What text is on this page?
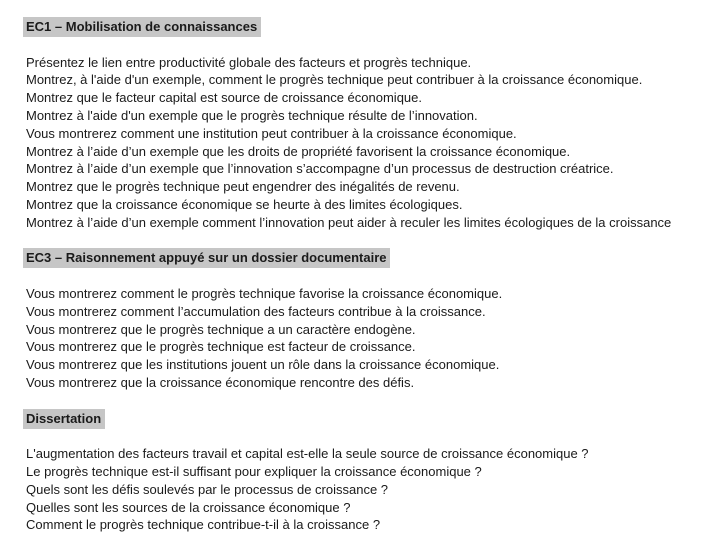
EC1 – Mobilisation de connaissances

Présentez le lien entre productivité globale des facteurs et progrès technique.

Montrez, à l'aide d'un exemple, comment le progrès technique peut contribuer à la croissance économique.

Montrez que le facteur capital est source de croissance économique.

Montrez à l'aide d'un exemple que le progrès technique résulte de l’innovation.

Vous montrerez comment une institution peut contribuer à la croissance économique.

Montrez à l’aide d’un exemple que les droits de propriété favorisent la croissance économique.

Montrez à l’aide d’un exemple que l’innovation s’accompagne d’un processus de destruction créatrice.

Montrez que le progrès technique peut engendrer des inégalités de revenu.

Montrez que la croissance économique se heurte à des limites écologiques.

Montrez à l’aide d’un exemple comment l’innovation peut aider à reculer les limites écologiques de la croissance

EC3 – Raisonnement appuyé sur un dossier documentaire

Vous montrerez comment le progrès technique favorise la croissance économique.

Vous montrerez comment l’accumulation des facteurs contribue à la croissance.

Vous montrerez que le progrès technique a un caractère endogène.

Vous montrerez que le progrès technique est facteur de croissance.

Vous montrerez que les institutions jouent un rôle dans la croissance économique.

Vous montrerez que la croissance économique rencontre des défis.

Dissertation

L'augmentation des facteurs travail et capital est-elle la seule source de croissance économique ?

Le progrès technique est-il suffisant pour expliquer la croissance économique ?

Quels sont les défis soulevés par le processus de croissance ?

Quelles sont les sources de la croissance économique ?

Comment le progrès technique contribue-t-il à la croissance ?
